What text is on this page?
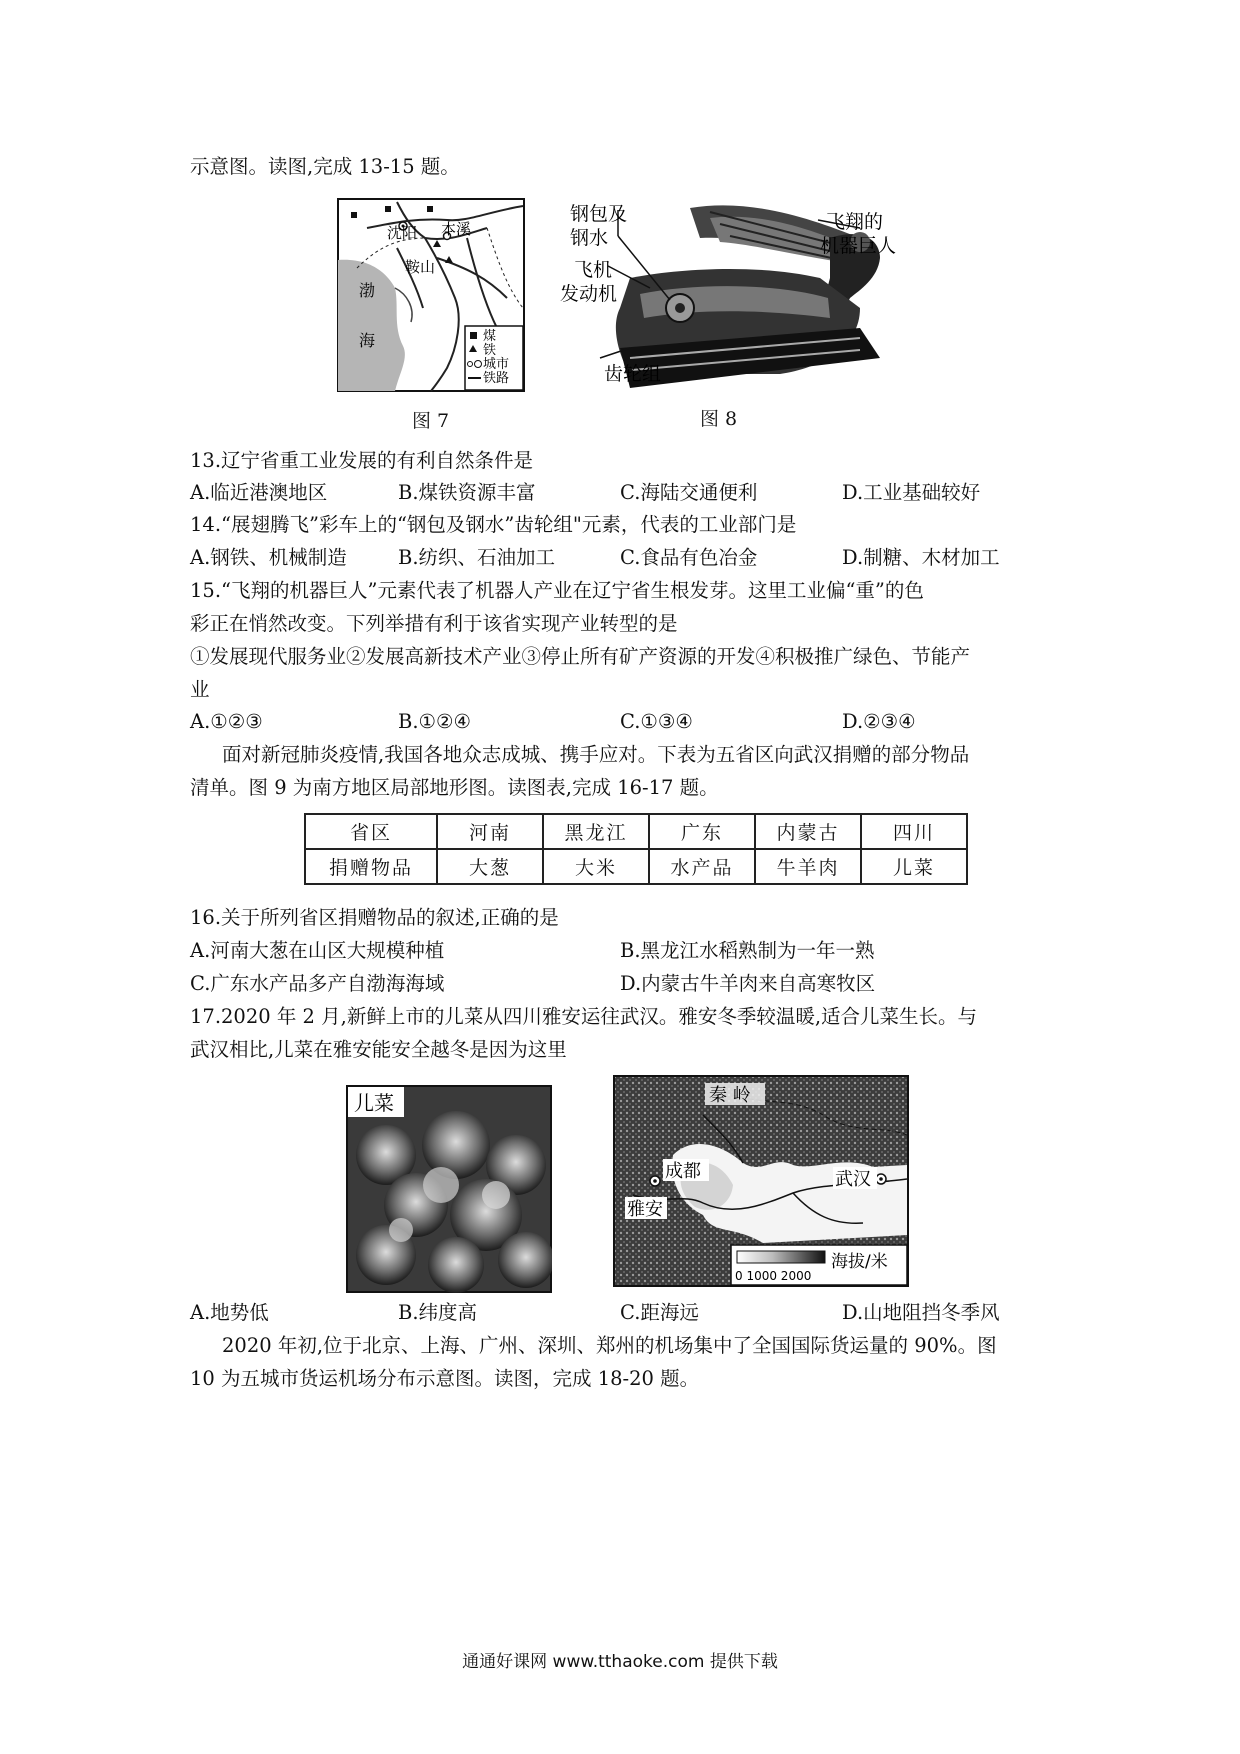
示意图。读图,完成 13-15 题。
沈阳 本溪
鞍山
渤
海	煤
铁
城市
铁路
图 7
钢包及
钢水
飞机
发动机
飞翔的
机器巨人
齿轮组
图 8
13.辽宁省重工业发展的有利自然条件是
A.临近港澳地区	B.煤铁资源丰富	C.海陆交通便利	D.工业基础较好
14.“展翅腾飞”彩车上的“钢包及钢水”齿轮组"元素，代表的工业部门是
A.钢铁、机械制造	B.纺织、石油加工	C.食品有色冶金	D.制糖、木材加工
15.“飞翔的机器巨人”元素代表了机器人产业在辽宁省生根发芽。这里工业偏“重”的色
彩正在悄然改变。下列举措有利于该省实现产业转型的是
①发展现代服务业②发展高新技术产业③停止所有矿产资源的开发④积极推广绿色、节能产
业
A.①②③	B.①②④	C.①③④	D.②③④
面对新冠肺炎疫情,我国各地众志成城、携手应对。下表为五省区向武汉捐赠的部分物品
清单。图 9 为南方地区局部地形图。读图表,完成 16-17 题。
省区	河南	黑龙江	广东	内蒙古	四川
捐赠物品	大葱	大米	水产品	牛羊肉	儿菜
16.关于所列省区捐赠物品的叙述,正确的是
A.河南大葱在山区大规模种植	B.黑龙江水稻熟制为一年一熟
C.广东水产品多产自渤海海域	D.内蒙古牛羊肉来自高寒牧区
17.2020 年 2 月,新鲜上市的儿菜从四川雅安运往武汉。雅安冬季较温暖,适合儿菜生长。与
武汉相比,儿菜在雅安能安全越冬是因为这里
儿菜	秦 岭
成都	武汉
雅安
0 1000 2000
海拔/米
A.地势低	B.纬度高	C.距海远	D.山地阻挡冬季风
2020 年初,位于北京、上海、广州、深圳、郑州的机场集中了全国国际货运量的 90%。图
10 为五城市货运机场分布示意图。读图，完成 18-20 题。
通通好课网 www.tthaoke.com 提供下载
